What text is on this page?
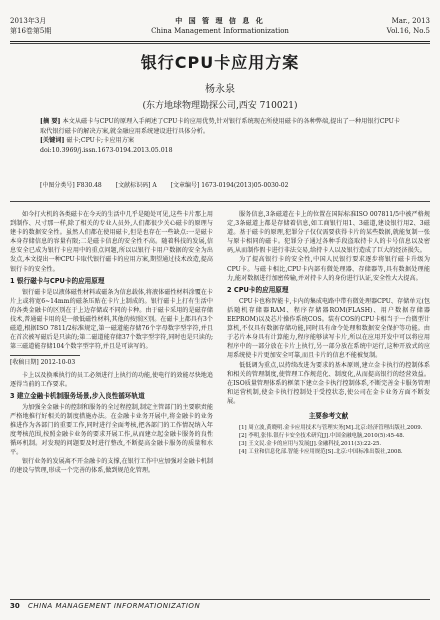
2013年3月
第16卷第5期
中 国 管 理 信 息 化
China Management Informationization
Mar., 2013
Vol.16, No.5
银行CPU卡应用方案
杨永泉
(东方地球物理勘探公司,西安 710021)
[摘 要] 本文从磁卡与CPU的原理入手阐述了CPU卡的应用优势,针对银行系统现在所使用磁卡的各种弊端,提出了一种用银行CPU卡取代银行磁卡的解决方案,就金融应用系统建设进行具体分析。
[关键词] 磁卡;CPU卡;卡应用方案
doi:10.3969/j.issn.1673-0194.2013.05.018
[中图分类号] F830.48 [文献标识码] A [文章编号] 1673-0194(2013)05-0030-02

如今打火机的各类磁卡在今天的生活中几乎是随处可见,这些卡片那上用到制作、尺寸那一样,除了相关的专业人员外,人们都很少关心磁卡的原理与建卡的数据安全性。虽然人们都在使用磁卡,但是也存在一些缺点:一是磁卡本身存储信息的容量有限;二是磁卡信息的安全性不高。随着科技的发展,信息安全已成为银行卡应用中的重点问题,所以以银行卡用户数据的安全为出发点,本文提出一种CPU卡取代银行磁卡的应用方案,期望通过技术改造,提高银行卡的安全性。

1 银行磁卡与CPU卡的应用原理

银行磁卡是以液体磁性材料或磁条为信息载体,将液体磁性材料涂覆在卡片上或将宽6~14mm的磁条压贴在卡片上制成的。银行磁卡上打有生活中的各类金融卡的区别在于上边存储或不同的卡种。由于磁卡采用的是磁存储技术,普通磁卡用的是一般低磁性材料,其他的按照区别。在磁卡上都具有3个磁道,根据ISO 7811/2标准规定,第一磁道能存储76个字母数字型字符,并且在首次被写磁后是只读的;第二磁道能存储37个数字型字符,同时也是只读的;第三磁道能存储104个数字型字符,并且是可读写的。

[收稿日期] 2012-10-03

卡上以及换乘执行的员工必须进行上执行的功能,使电行的效能尽快地追逐得当前的工作要求。

3 建立金融卡机制服务场景,步入良性循环轨道

为加强全金融卡的控制和服务的全过程控制,制定主管部门的主要职责能严格地推行好相关的制度措施办法。在金融卡业务开展中,将金融卡的业务推进作为各部门的重要工作,同时进行全面考核,把各部门的工作情况纳入年度考核范围,按照金融卡业务的要求开展工作,从而建立起金融卡服务的良性循环机制。对发现的问题要及时进行整改,不断提高金融卡服务的质量和水平。

银行业务的发展离不开金融卡的支撑,在银行工作中应加强对金融卡机制的建设与管理,形成一个完善的体系,做到规范化管理。

服务信息,3条磁道在卡上的位置在国际标准ISO 007811/5中被严格规定,3条磁道上都是存储着信息,如工商银行用1、3磁道,建设银行用2、3磁道。基于磁卡的原理,犯罪分子仅仅需要获得卡片的某些数据,就能复制一张与原卡相同的磁卡。犯罪分子通过各种手段盗取持卡人的卡号信息以及密码,从而制作假卡进行非法交易,给持卡人以及银行造成了巨大的经济损失。

为了提高银行卡的安全性,中国人民银行要求逐步将银行磁卡升级为CPU卡。与磁卡相比,CPU卡内部有微处理器、存储器等,具有数据处理能力,能对数据进行加密传输,并对持卡人的身份进行认证,安全性大大提高。

2 CPU卡的应用原理

CPU卡也称智能卡,卡内的集成电路中带有微处理器CPU、存储单元(包括随机存储器RAM、程序存储器ROM(FLASH)、用户数据存储器EEPROM)以及芯片操作系统COS。装有COS的CPU卡相当于一台微型计算机,不仅具有数据存储功能,同时具有命令处理和数据安全保护等功能。由于芯片本身具有计算能力,程序能够读写卡片,所以在应用开发中可以将应用程序中的一部分放在卡片上执行,另一部分放在系统中运行,这种开放式的应用系统使卡片更加安全可靠,而且卡片的信息不能被复制。

低低调为重点,以持续改进为要求的基本原则,建立金卡执行的控制体系和相关的管理制度,使管理工作规范化、制度化,从而提高银行的经营效益。在ISO质量管理体系的框架下建立金卡执行控制体系,不断完善金卡服务管理和运营机制,使金卡执行控制处于受控状态,使公司在金卡业务方面不断发展。

主要参考文献

[1] 周立波,黄晓明.金卡应用技术与管理实务[M].北京:经济管理出版社,2009.

[2] 李明,张伟.银行卡安全技术研究[J].中国金融电脑,2010(5):45-48.

[3] 王文民.金卡的应用与发展[J].金融科技,2011(3):22-25.

[4] 工业和信息化部.智能卡应用规范[S].北京:中国标准出版社,2008.

30 CHINA MANAGEMENT INFORMATIONIZATION
